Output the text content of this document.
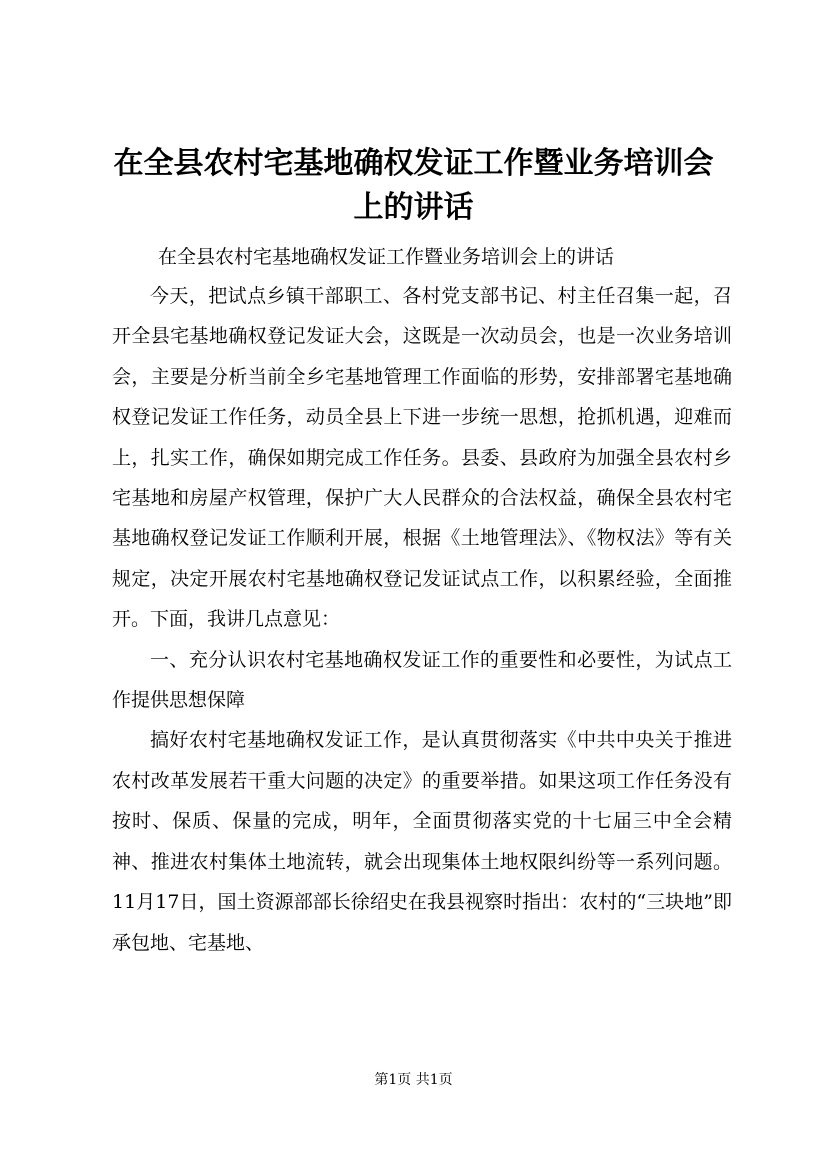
在全县农村宅基地确权发证工作暨业务培训会上的讲话

在全县农村宅基地确权发证工作暨业务培训会上的讲话

今天，把试点乡镇干部职工、各村党支部书记、村主任召集一起，召开全县宅基地确权登记发证大会，这既是一次动员会，也是一次业务培训会，主要是分析当前全乡宅基地管理工作面临的形势，安排部署宅基地确权登记发证工作任务，动员全县上下进一步统一思想，抢抓机遇，迎难而上，扎实工作，确保如期完成工作任务。县委、县政府为加强全县农村乡宅基地和房屋产权管理，保护广大人民群众的合法权益，确保全县农村宅基地确权登记发证工作顺利开展，根据《土地管理法》、《物权法》等有关规定，决定开展农村宅基地确权登记发证试点工作，以积累经验，全面推开。下面，我讲几点意见：

一、充分认识农村宅基地确权发证工作的重要性和必要性，为试点工作提供思想保障

搞好农村宅基地确权发证工作，是认真贯彻落实《中共中央关于推进农村改革发展若干重大问题的决定》的重要举措。如果这项工作任务没有按时、保质、保量的完成，明年，全面贯彻落实党的十七届三中全会精神、推进农村集体土地流转，就会出现集体土地权限纠纷等一系列问题。11月17日，国土资源部部长徐绍史在我县视察时指出：农村的“三块地”即承包地、宅基地、

第1页 共1页
